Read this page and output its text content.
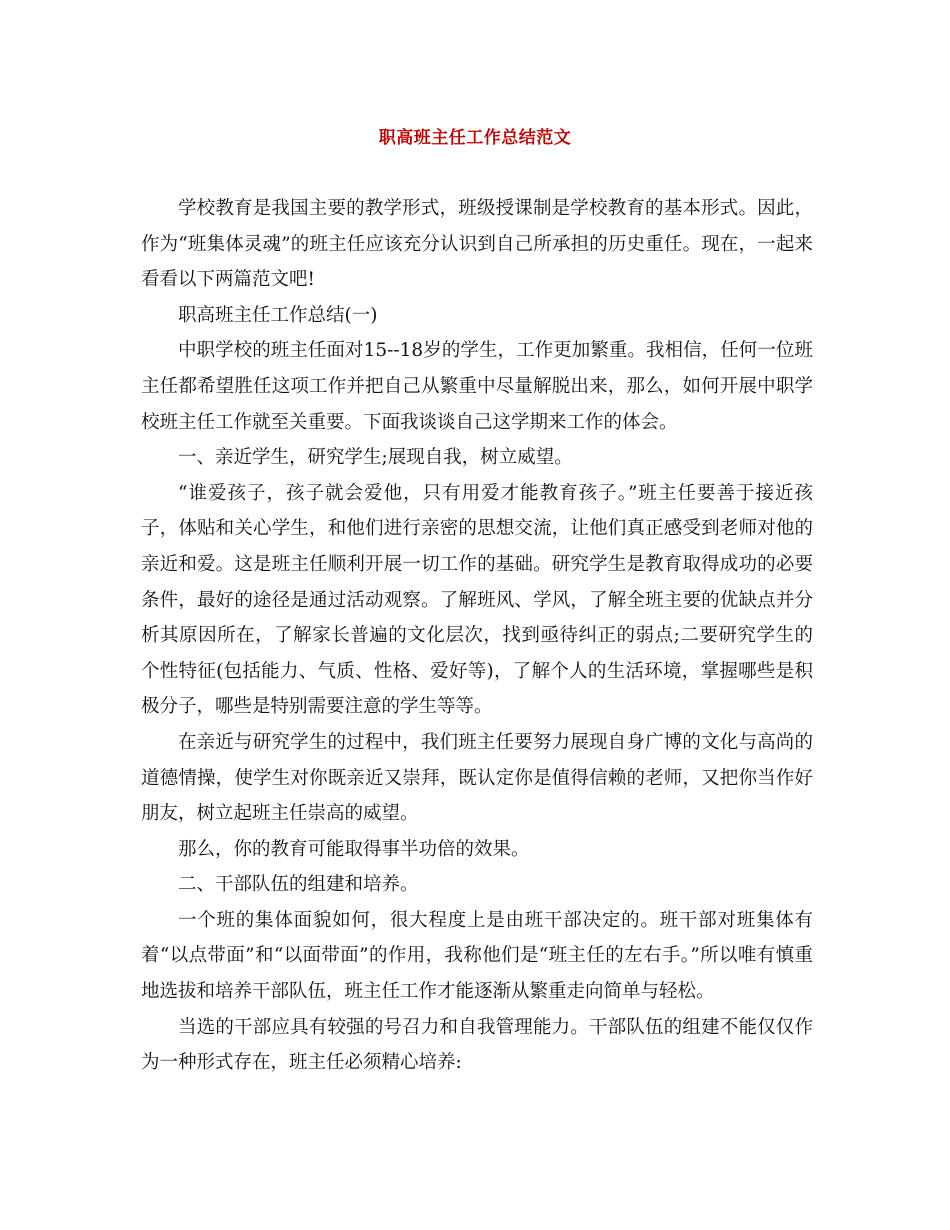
职高班主任工作总结范文

学校教育是我国主要的教学形式，班级授课制是学校教育的基本形式。因此，作为“班集体灵魂”的班主任应该充分认识到自己所承担的历史重任。现在，一起来看看以下两篇范文吧!

职高班主任工作总结(一)

中职学校的班主任面对15--18岁的学生，工作更加繁重。我相信，任何一位班主任都希望胜任这项工作并把自己从繁重中尽量解脱出来，那么，如何开展中职学校班主任工作就至关重要。下面我谈谈自己这学期来工作的体会。

一、亲近学生，研究学生;展现自我，树立威望。

“谁爱孩子，孩子就会爱他，只有用爱才能教育孩子。”班主任要善于接近孩子，体贴和关心学生，和他们进行亲密的思想交流，让他们真正感受到老师对他的亲近和爱。这是班主任顺利开展一切工作的基础。研究学生是教育取得成功的必要条件，最好的途径是通过活动观察。了解班风、学风，了解全班主要的优缺点并分析其原因所在，了解家长普遍的文化层次，找到亟待纠正的弱点;二要研究学生的个性特征(包括能力、气质、性格、爱好等)，了解个人的生活环境，掌握哪些是积极分子，哪些是特别需要注意的学生等等。

在亲近与研究学生的过程中，我们班主任要努力展现自身广博的文化与高尚的道德情操，使学生对你既亲近又崇拜，既认定你是值得信赖的老师，又把你当作好朋友，树立起班主任崇高的威望。

那么，你的教育可能取得事半功倍的效果。

二、干部队伍的组建和培养。

一个班的集体面貌如何，很大程度上是由班干部决定的。班干部对班集体有着“以点带面”和“以面带面”的作用，我称他们是“班主任的左右手。”所以唯有慎重地选拔和培养干部队伍，班主任工作才能逐渐从繁重走向简单与轻松。

当选的干部应具有较强的号召力和自我管理能力。干部队伍的组建不能仅仅作为一种形式存在，班主任必须精心培养:
